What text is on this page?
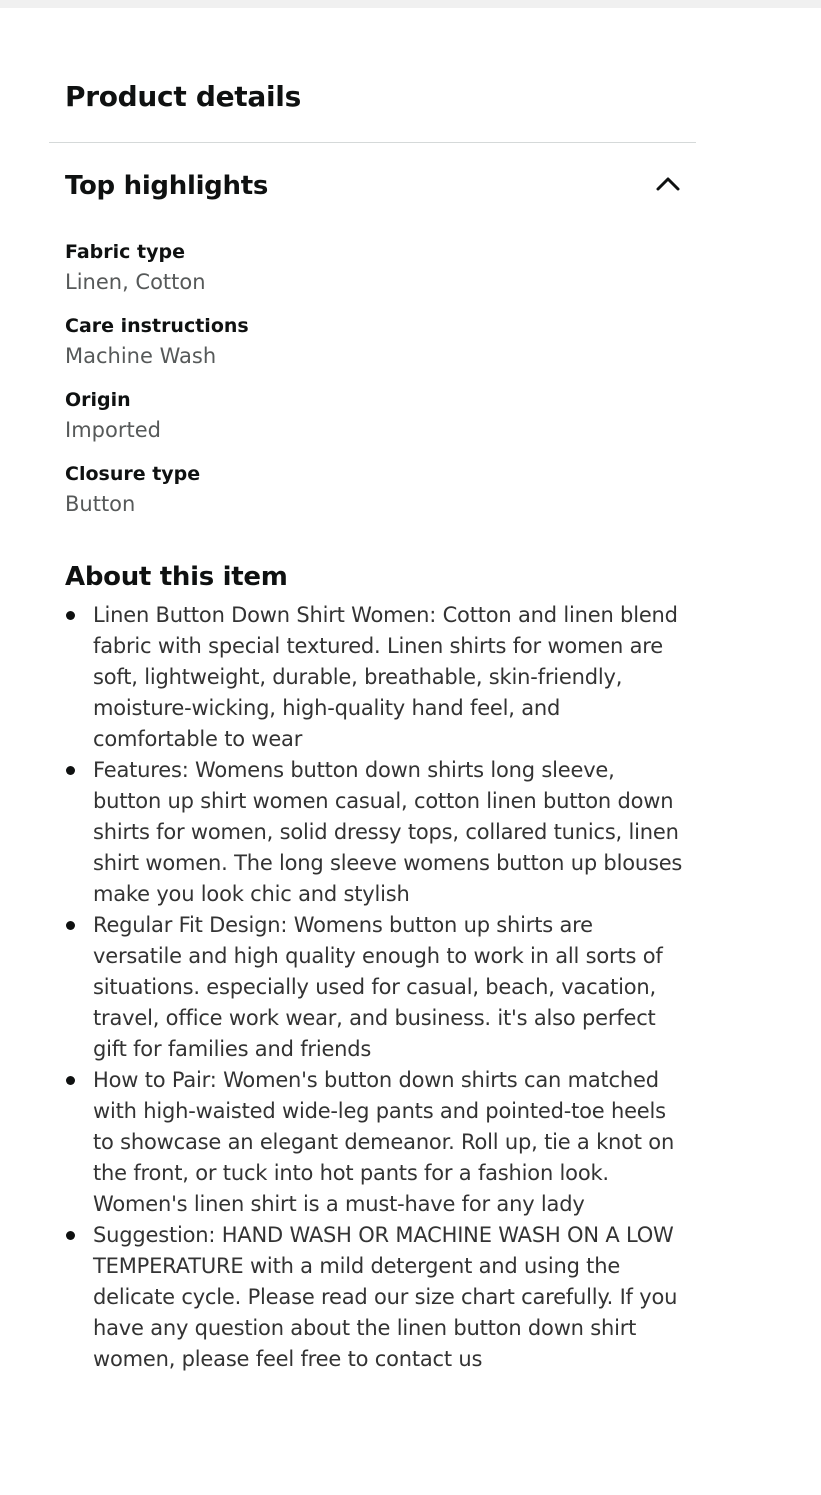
Product details
Top highlights
Fabric type
Linen, Cotton
Care instructions
Machine Wash
Origin
Imported
Closure type
Button
About this item
Linen Button Down Shirt Women: Cotton and linen blend fabric with special textured. Linen shirts for women are soft, lightweight, durable, breathable, skin-friendly, moisture-wicking, high-quality hand feel, and comfortable to wear
Features: Womens button down shirts long sleeve, button up shirt women casual, cotton linen button down shirts for women, solid dressy tops, collared tunics, linen shirt women. The long sleeve womens button up blouses make you look chic and stylish
Regular Fit Design: Womens button up shirts are versatile and high quality enough to work in all sorts of situations. especially used for casual, beach, vacation, travel, office work wear, and business. it's also perfect gift for families and friends
How to Pair: Women's button down shirts can matched with high-waisted wide-leg pants and pointed-toe heels to showcase an elegant demeanor. Roll up, tie a knot on the front, or tuck into hot pants for a fashion look. Women's linen shirt is a must-have for any lady
Suggestion: HAND WASH OR MACHINE WASH ON A LOW TEMPERATURE with a mild detergent and using the delicate cycle. Please read our size chart carefully. If you have any question about the linen button down shirt women, please feel free to contact us
